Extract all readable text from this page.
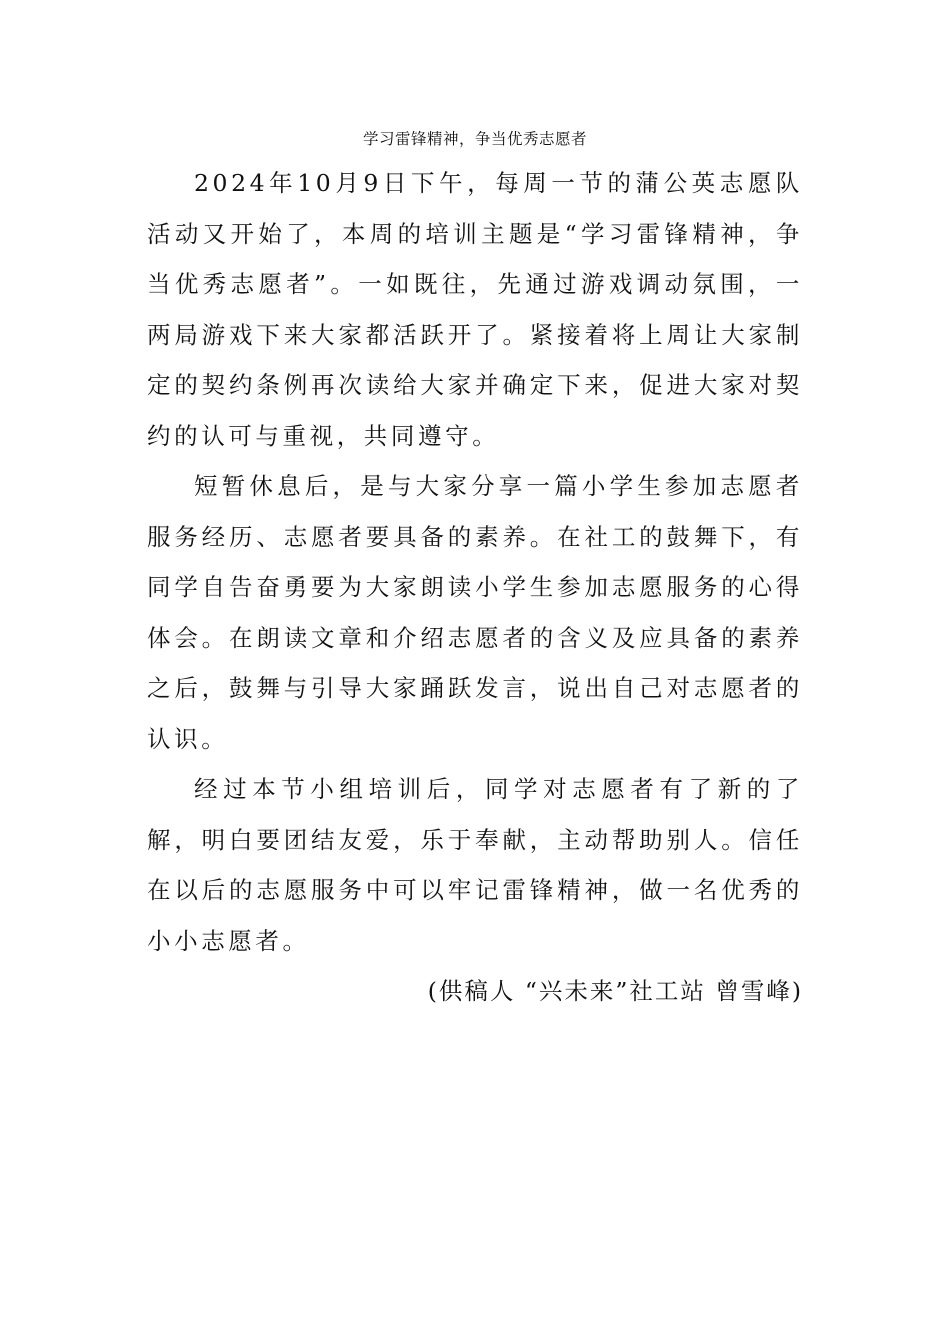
学习雷锋精神，争当优秀志愿者

2024年10月9日下午，每周一节的蒲公英志愿队活动又开始了，本周的培训主题是“学习雷锋精神，争当优秀志愿者”。一如既往，先通过游戏调动氛围，一两局游戏下来大家都活跃开了。紧接着将上周让大家制定的契约条例再次读给大家并确定下来，促进大家对契约的认可与重视，共同遵守。

短暂休息后，是与大家分享一篇小学生参加志愿者服务经历、志愿者要具备的素养。在社工的鼓舞下，有同学自告奋勇要为大家朗读小学生参加志愿服务的心得体会。在朗读文章和介绍志愿者的含义及应具备的素养之后，鼓舞与引导大家踊跃发言，说出自己对志愿者的认识。

经过本节小组培训后，同学对志愿者有了新的了解，明白要团结友爱，乐于奉献，主动帮助别人。信任在以后的志愿服务中可以牢记雷锋精神，做一名优秀的小小志愿者。

(供稿人 “兴未来”社工站 曾雪峰)
